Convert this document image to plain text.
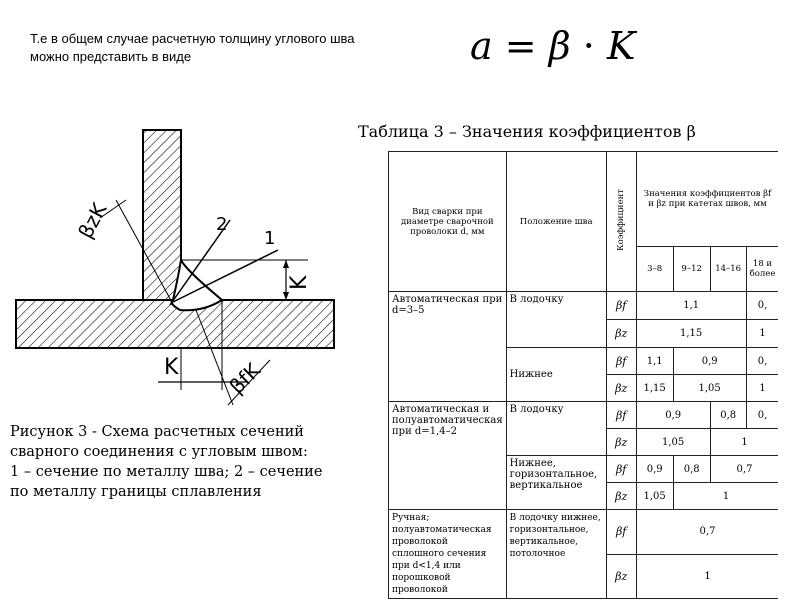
Т.е в общем случае расчетную толщину углового шва
можно представить в виде	a = β · K
βzK
βfK
K
K
1
2
Рисунок 3 - Схема расчетных сечений
сварного соединения с угловым швом:
1 – сечение по металлу шва; 2 – сечение
по металлу границы сплавления
Таблица 3 – Значения коэффициентов β
Вид сварки при диаметре сварочной проволоки d, мм	Положение шва	Коэффициент	Значения коэффициентов βf и βz при катетах швов, мм			
			3–8	9–12	14–16	18 и более
Автоматическая при d=3–5	В лодочку	βf	1,1			0,
		βz	1,15			1
	Нижнее	βf	1,1	0,9		0,
		βz	1,15	1,05		1
Автоматическая и полуавтоматическая при d=1,4–2	В лодочку	βf	0,9		0,8	0,
		βz	1,05		1	
	Нижнее, горизонтальное, вертикальное	βf	0,9	0,8	0,7	
		βz	1,05	1		
Ручная; полуавтоматическая проволокой сплошного сечения при d<1,4 или порошковой проволокой	В лодочку нижнее, горизонтальное, вертикальное, потолочное	βf	0,7			
		βz	1			
